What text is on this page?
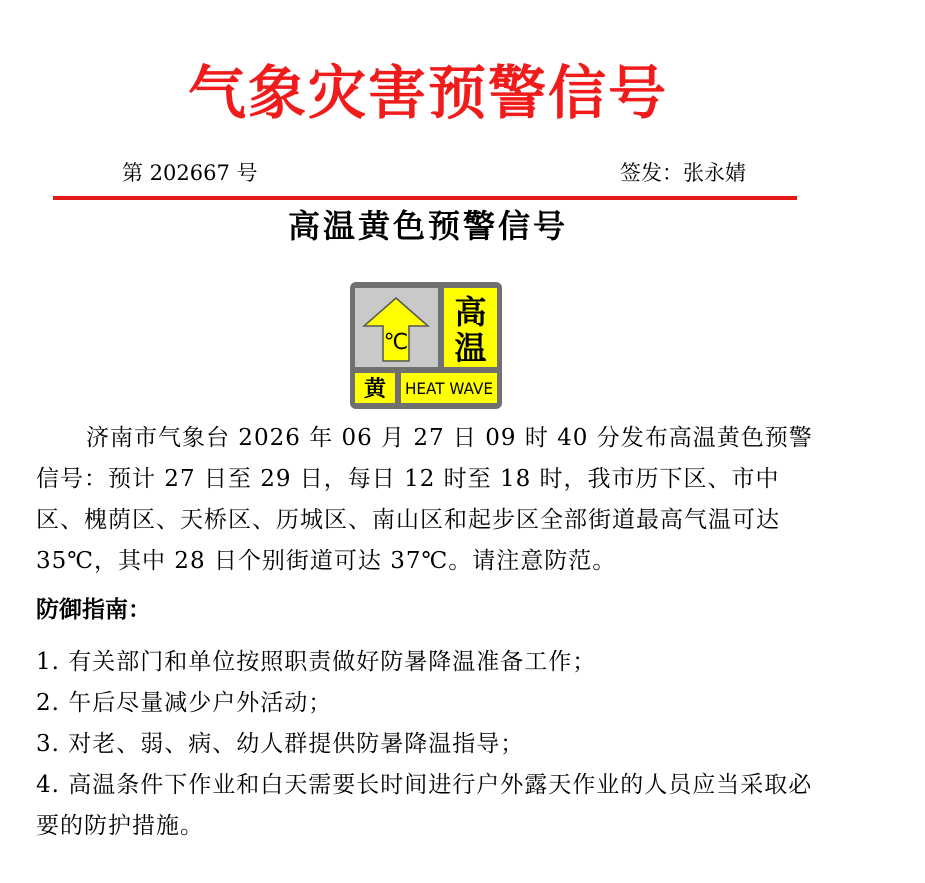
气象灾害预警信号
第 202667 号	签发：张永婧
高温黄色预警信号
℃
高
温
黄 HEAT WAVE

济南市气象台 2026 年 06 月 27 日 09 时 40 分发布高温黄色预警信号：预计 27 日至 29 日，每日 12 时至 18 时，我市历下区、市中区、槐荫区、天桥区、历城区、南山区和起步区全部街道最高气温可达 35℃，其中 28 日个别街道可达 37℃。请注意防范。

防御指南：
1. 有关部门和单位按照职责做好防暑降温准备工作；
2. 午后尽量减少户外活动；
3. 对老、弱、病、幼人群提供防暑降温指导；
4. 高温条件下作业和白天需要长时间进行户外露天作业的人员应当采取必要的防护措施。
